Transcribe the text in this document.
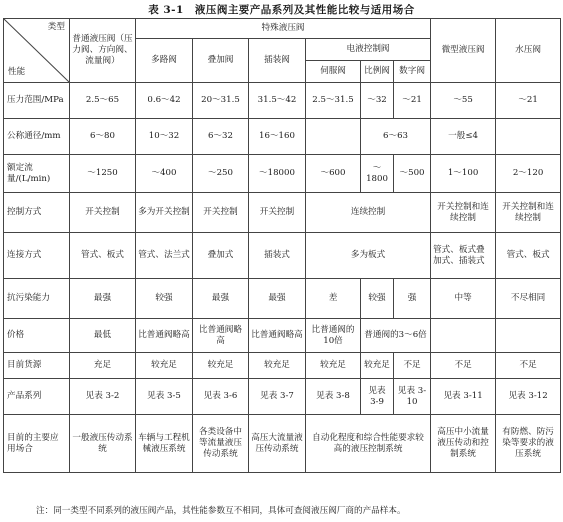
表 3-1　液压阀主要产品系列及其性能比较与适用场合
类型
性能	普通液压阀（压力阀、方向阀、流量阀）	特殊液压阀						微型液压阀	水压阀
		多路阀	叠加阀	插装阀	电液控制阀				
					伺服阀	比例阀	数字阀		
压力范围/MPa	2.5～65	0.6～42	20～31.5	31.5～42	2.5～31.5	～32	～21	～55	～21
公称通径/mm	6～80	10～32	6～32	16～160		6～63		一般≤4	
额定流量/(L/min)	～1250	～400	～250	～18000	～600	～1800	～500	1～100	2～120
控制方式	开关控制	多为开关控制	开关控制	开关控制	连续控制			开关控制和连续控制	开关控制和连续控制
连接方式	管式、板式	管式、法兰式	叠加式	插装式	多为板式			管式、板式叠加式、插装式	管式、板式
抗污染能力	最强	较强	最强	最强	差	较强	强	中等	不尽相同
价格	最低	比普通阀略高	比普通阀略高	比普通阀略高	比普通阀的10倍	普通阀的3～6倍			
目前货源	充足	较充足	较充足	较充足	较充足	较充足	不足	不足	不足
产品系列	见表 3-2	见表 3-5	见表 3-6	见表 3-7	见表 3-8	见表 3-9	见表 3-10	见表 3-11	见表 3-12
目前的主要应用场合	一般液压传动系统	车辆与工程机械液压系统	各类设备中等流量液压传动系统	高压大流量液压传动系统	自动化程度和综合性能要求较高的液压控制系统			高压中小流量液压传动和控制系统	有防燃、防污染等要求的液压系统
注：同一类型不同系列的液压阀产品，其性能参数互不相同，具体可查阅液压阀厂商的产品样本。
